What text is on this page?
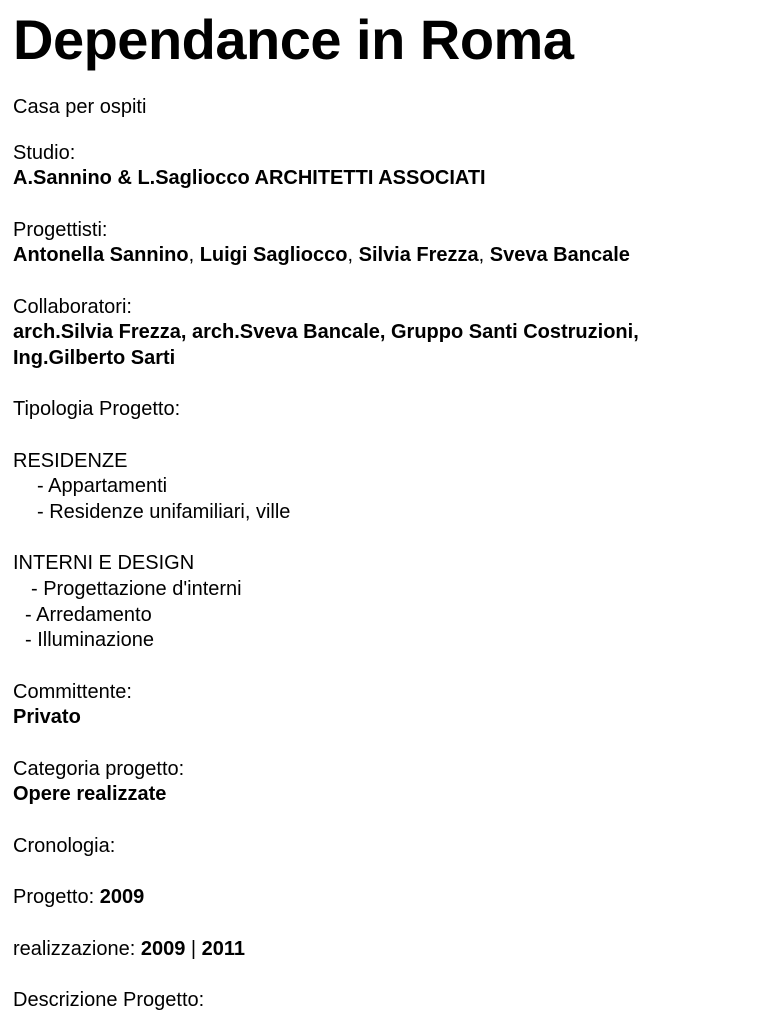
Dependance in Roma
Casa per ospiti
Studio:
A.Sannino & L.Sagliocco ARCHITETTI ASSOCIATI
Progettisti:
Antonella Sannino, Luigi Sagliocco, Silvia Frezza, Sveva Bancale
Collaboratori:
arch.Silvia Frezza, arch.Sveva Bancale, Gruppo Santi Costruzioni,
Ing.Gilberto Sarti
Tipologia Progetto:
RESIDENZE
- Appartamenti
- Residenze unifamiliari, ville
INTERNI E DESIGN
- Progettazione d'interni
- Arredamento
- Illuminazione
Committente:
Privato
Categoria progetto:
Opere realizzate
Cronologia:
Progetto: 2009
realizzazione: 2009 | 2011
Descrizione Progetto:
